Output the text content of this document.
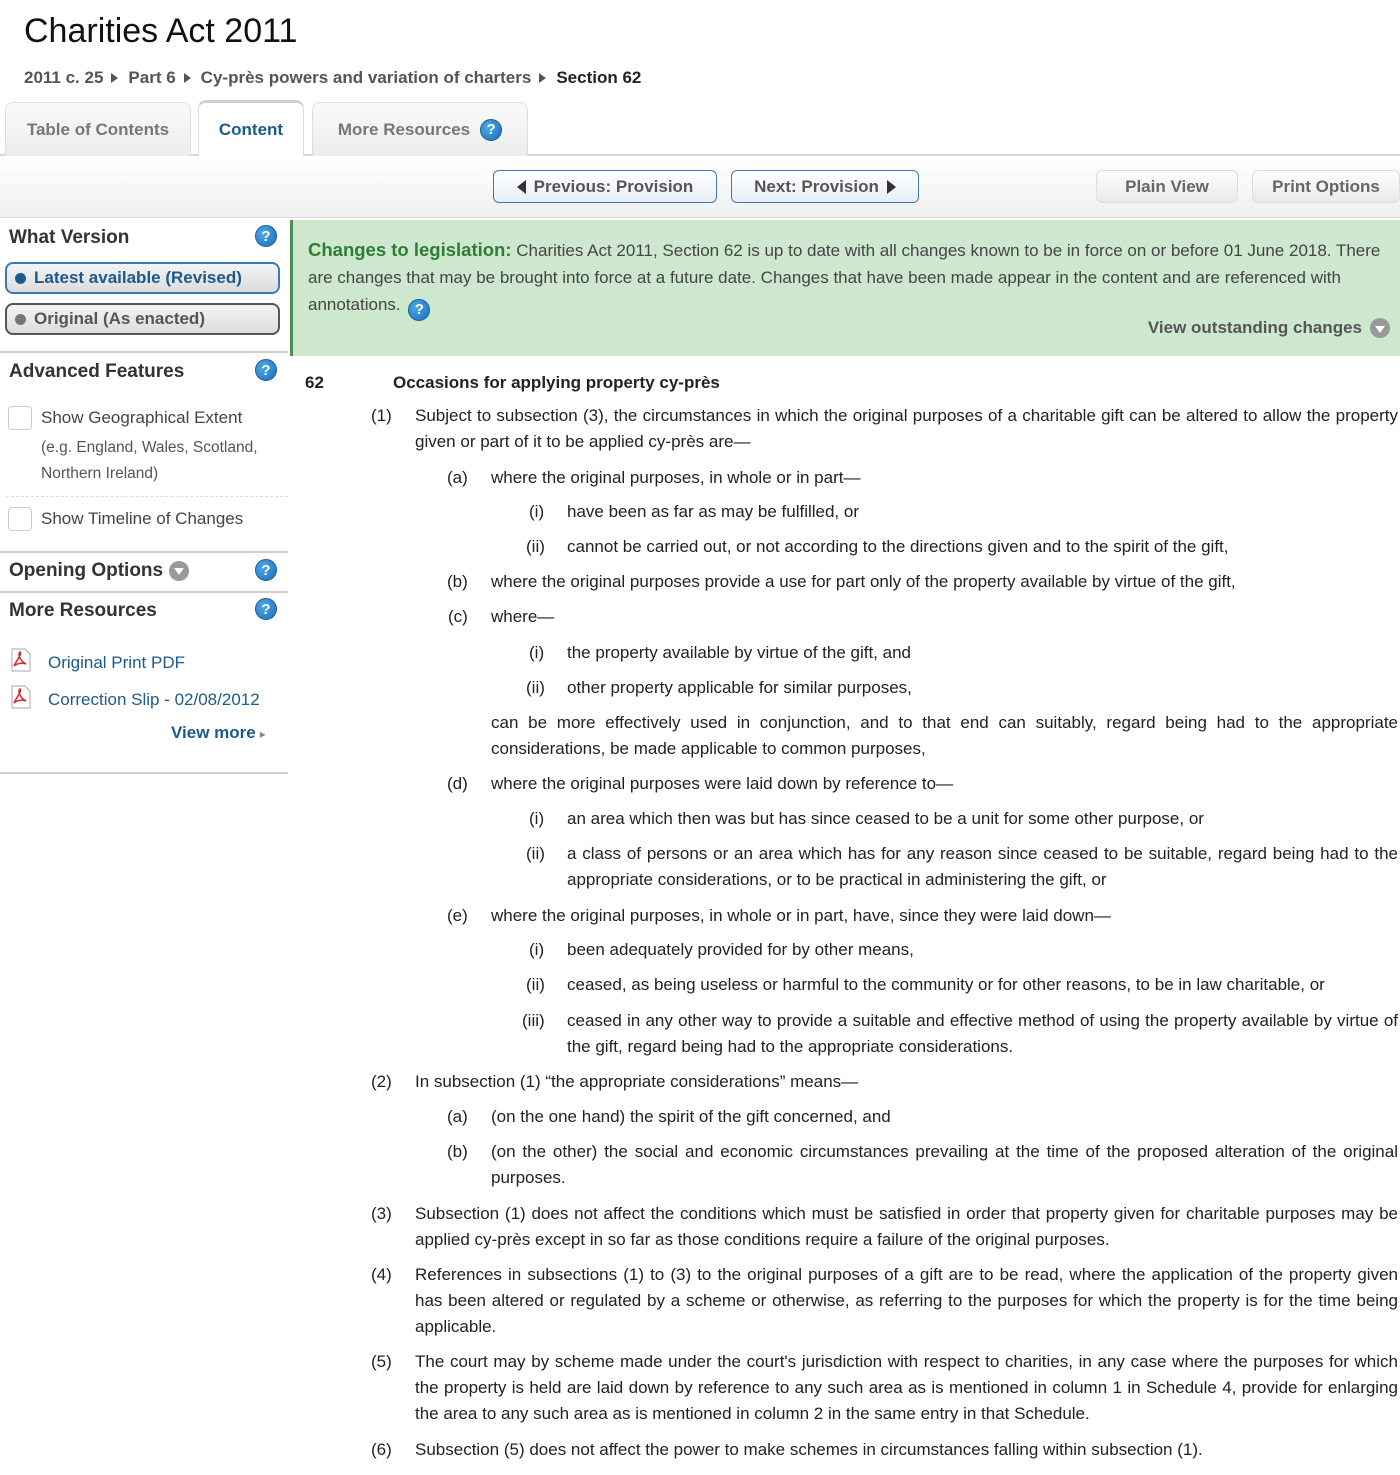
Charities Act 2011
2011 c. 25 Part 6 Cy-près powers and variation of charters Section 62
Table of Contents	Content	More Resources	?
Previous: Provision	Next: Provision	Plain View	Print Options
What Version	?
Latest available (Revised)
Original (As enacted)
Advanced Features	?
Show Geographical Extent
(e.g. England, Wales, Scotland,
Northern Ireland)
Show Timeline of Changes
Opening Options	?
More Resources	?
Original Print PDF
Correction Slip - 02/08/2012
View more ▸
Changes to legislation: Charities Act 2011, Section 62 is up to date with all changes known to be in force on or before 01 June 2018. There are changes that may be brought into force at a future date. Changes that have been made appear in the content and are referenced with annotations. ?
View outstanding changes
62	Occasions for applying property cy-près
(1) Subject to subsection (3), the circumstances in which the original purposes of a charitable gift can be altered to allow the property given or part of it to be applied cy-près are—
(a) where the original purposes, in whole or in part—
(i) have been as far as may be fulfilled, or
(ii) cannot be carried out, or not according to the directions given and to the spirit of the gift,
(b) where the original purposes provide a use for part only of the property available by virtue of the gift,
(c) where—
(i) the property available by virtue of the gift, and
(ii) other property applicable for similar purposes,
can be more effectively used in conjunction, and to that end can suitably, regard being had to the appropriate considerations, be made applicable to common purposes,
(d) where the original purposes were laid down by reference to—
(i) an area which then was but has since ceased to be a unit for some other purpose, or
(ii) a class of persons or an area which has for any reason since ceased to be suitable, regard being had to the appropriate considerations, or to be practical in administering the gift, or
(e) where the original purposes, in whole or in part, have, since they were laid down—
(i) been adequately provided for by other means,
(ii) ceased, as being useless or harmful to the community or for other reasons, to be in law charitable, or
(iii) ceased in any other way to provide a suitable and effective method of using the property available by virtue of the gift, regard being had to the appropriate considerations.
(2) In subsection (1) “the appropriate considerations” means—
(a) (on the one hand) the spirit of the gift concerned, and
(b) (on the other) the social and economic circumstances prevailing at the time of the proposed alteration of the original purposes.
(3) Subsection (1) does not affect the conditions which must be satisfied in order that property given for charitable purposes may be applied cy-près except in so far as those conditions require a failure of the original purposes.
(4) References in subsections (1) to (3) to the original purposes of a gift are to be read, where the application of the property given has been altered or regulated by a scheme or otherwise, as referring to the purposes for which the property is for the time being applicable.
(5) The court may by scheme made under the court's jurisdiction with respect to charities, in any case where the purposes for which the property is held are laid down by reference to any such area as is mentioned in column 1 in Schedule 4, provide for enlarging the area to any such area as is mentioned in column 2 in the same entry in that Schedule.
(6) Subsection (5) does not affect the power to make schemes in circumstances falling within subsection (1).
